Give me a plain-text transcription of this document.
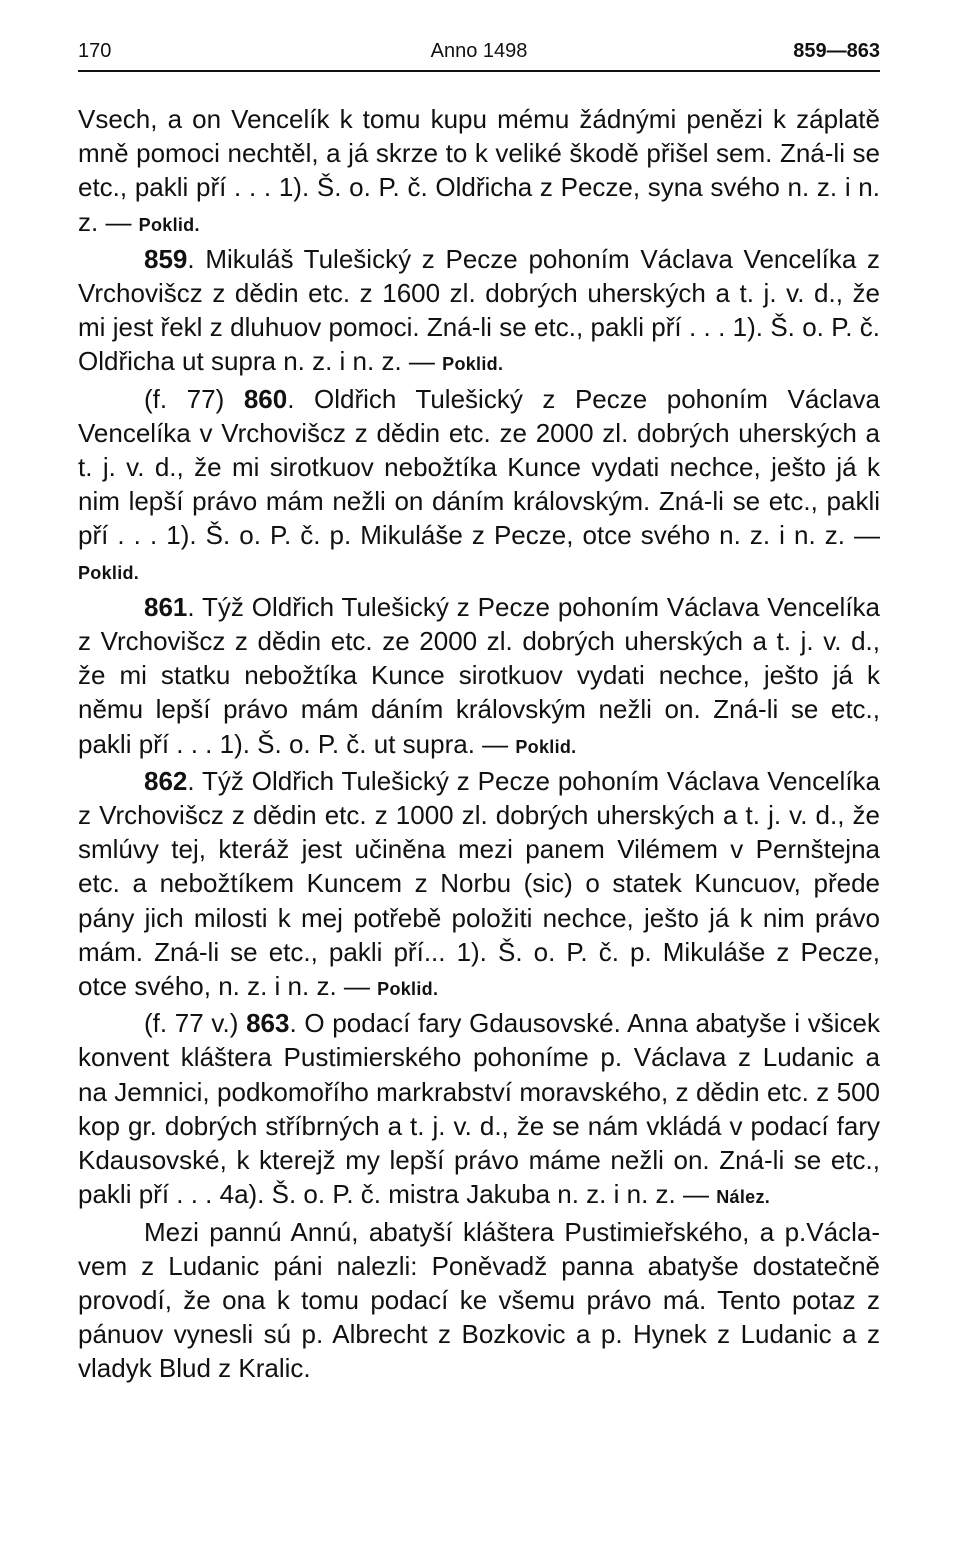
170	Anno 1498	859—863

Vsech, a on Vencelík k tomu kupu mému žádnými penězi k záplatě mně pomoci nechtěl, a já skrze to k veliké škodě přišel sem. Zná-li se etc., pakli pří . . . 1). Š. o. P. č. Oldřicha z Pecze, syna svého n. z. i n. z. — Poklid.

859. Mikuláš Tulešický z Pecze pohoním Václava Vencelíka z Vrchovišcz z dědin etc. z 1600 zl. dobrých uherských a t. j. v. d., že mi jest řekl z dluhuov pomoci. Zná-li se etc., pakli pří . . . 1). Š. o. P. č. Oldřicha ut supra n. z. i n. z. — Poklid.

(f. 77) 860. Oldřich Tulešický z Pecze pohoním Václava Vencelíka v Vrchovišcz z dědin etc. ze 2000 zl. dobrých uherských a t. j. v. d., že mi sirotkuov nebožtíka Kunce vydati nechce, ješto já k nim lepší právo mám nežli on dáním královským. Zná-li se etc., pakli pří . . . 1). Š. o. P. č. p. Mikuláše z Pecze, otce svého n. z. i n. z. — Poklid.

861. Týž Oldřich Tulešický z Pecze pohoním Václava Vencelíka z Vrchovišcz z dědin etc. ze 2000 zl. dobrých uherských a t. j. v. d., že mi statku nebožtíka Kunce sirotkuov vydati nechce, ješto já k němu lepší právo mám dáním královským nežli on. Zná-li se etc., pakli pří . . . 1). Š. o. P. č. ut supra. — Poklid.

862. Týž Oldřich Tulešický z Pecze pohoním Václava Vencelíka z Vrchovišcz z dědin etc. z 1000 zl. dobrých uherských a t. j. v. d., že smlúvy tej, kteráž jest učiněna mezi panem Vilémem v Pernštejna etc. a nebožtíkem Kuncem z Norbu (sic) o statek Kuncuov, přede pány jich milosti k mej potřebě položiti nechce, ješto já k nim právo mám. Zná-li se etc., pakli pří... 1). Š. o. P. č. p. Mikuláše z Pecze, otce svého, n. z. i n. z. — Poklid.

(f. 77 v.) 863. O podací fary Gdausovské. Anna abatyše i všicek konvent kláštera Pustimierského pohoníme p. Václava z Ludanic a na Jemnici, podkomořího markrabství moravského, z dědin etc. z 500 kop gr. dobrých stříbrných a t. j. v. d., že se nám vkládá v podací fary Kdausovské, k kterejž my lepší právo máme nežli on. Zná-li se etc., pakli pří . . . 4a). Š. o. P. č. mistra Jakuba n. z. i n. z. — Nález.

Mezi pannú Annú, abatyší kláštera Pustimieřského, a p.Václavem z Ludanic páni nalezli: Poněvadž panna abatyše dostatečně provodí, že ona k tomu podací ke všemu právo má. Tento potaz z pánuov vynesli sú p. Albrecht z Bozkovic a p. Hynek z Ludanic a z vladyk Blud z Kralic.
